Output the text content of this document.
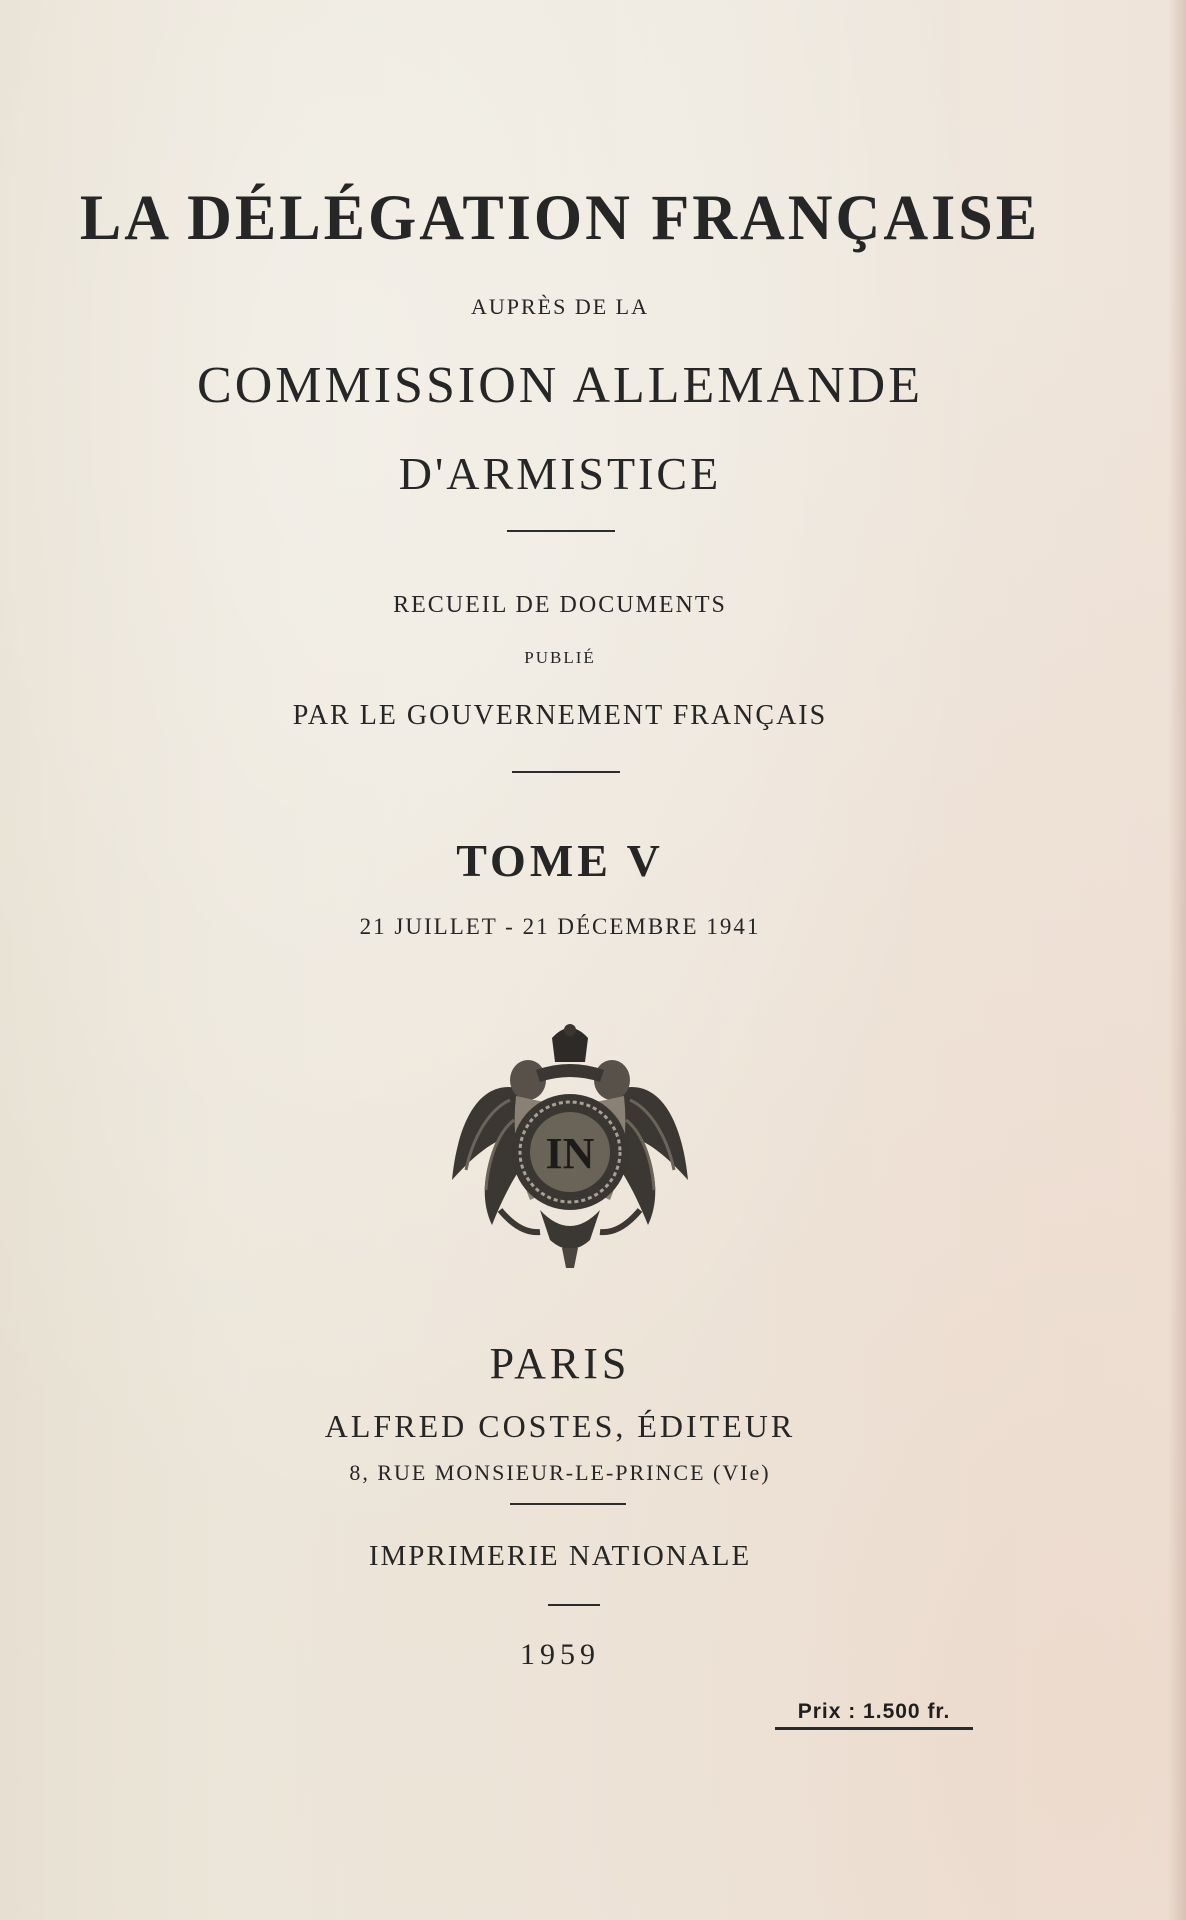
LA DÉLÉGATION FRANÇAISE
AUPRÈS DE LA
COMMISSION ALLEMANDE
D'ARMISTICE
RECUEIL DE DOCUMENTS
PUBLIÉ
PAR LE GOUVERNEMENT FRANÇAIS
TOME V
21 JUILLET - 21 DÉCEMBRE 1941
IN
PARIS
ALFRED COSTES, ÉDITEUR
8, RUE MONSIEUR-LE-PRINCE (VIe)
IMPRIMERIE NATIONALE
1959
Prix : 1.500 fr.
